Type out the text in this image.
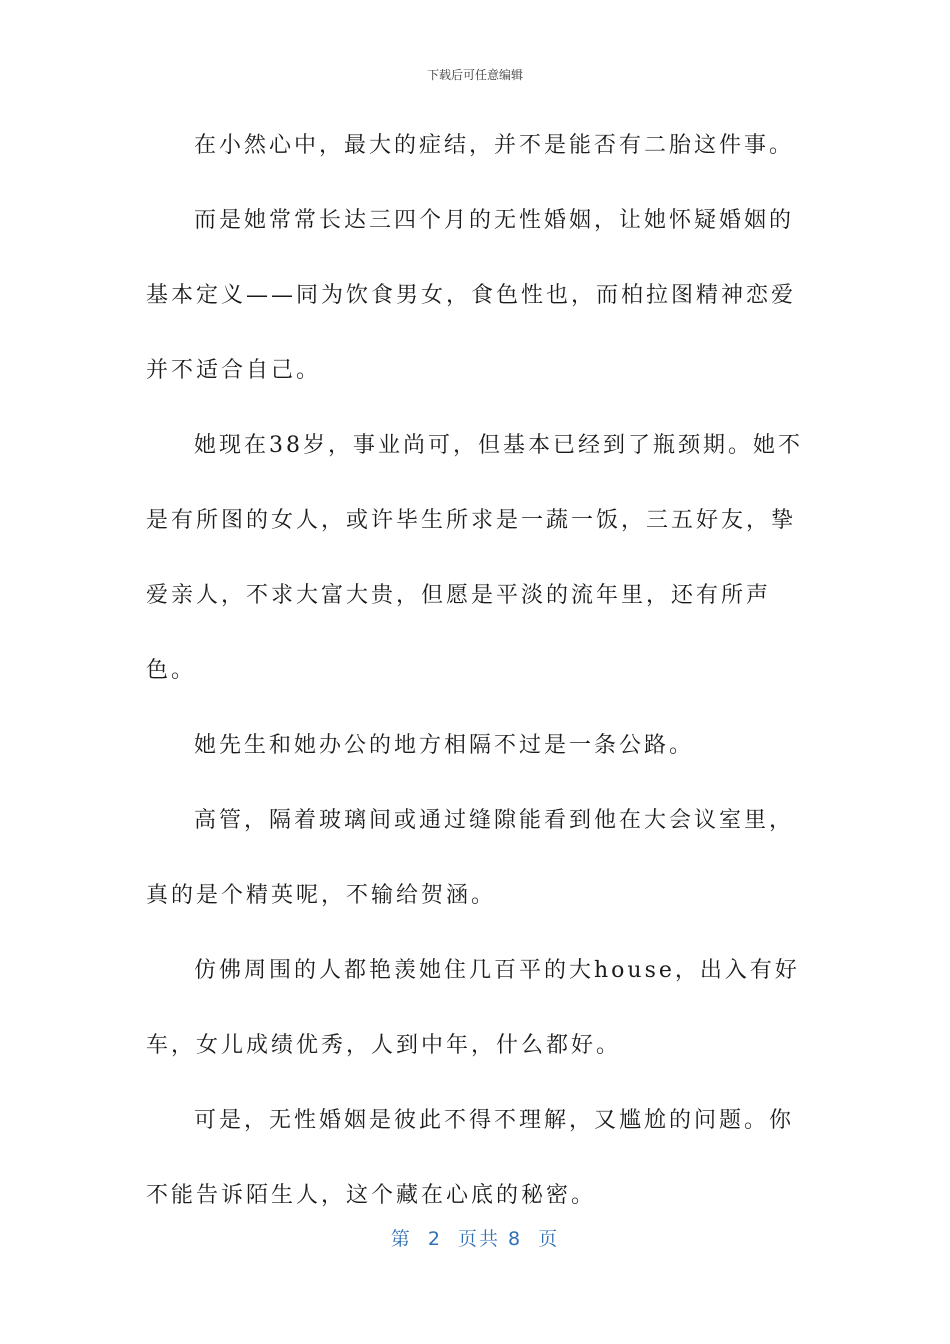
下载后可任意编辑

在小然心中，最大的症结，并不是能否有二胎这件事。

而是她常常长达三四个月的无性婚姻，让她怀疑婚姻的基本定义——同为饮食男女，食色性也，而柏拉图精神恋爱并不适合自己。

她现在38岁，事业尚可，但基本已经到了瓶颈期。她不是有所图的女人，或许毕生所求是一蔬一饭，三五好友，挚爱亲人，不求大富大贵，但愿是平淡的流年里，还有所声色。

她先生和她办公的地方相隔不过是一条公路。

高管，隔着玻璃间或通过缝隙能看到他在大会议室里，真的是个精英呢，不输给贺涵。

仿佛周围的人都艳羡她住几百平的大house，出入有好车，女儿成绩优秀，人到中年，什么都好。

可是，无性婚姻是彼此不得不理解，又尴尬的问题。你不能告诉陌生人，这个藏在心底的秘密。

第  2  页共 8  页
